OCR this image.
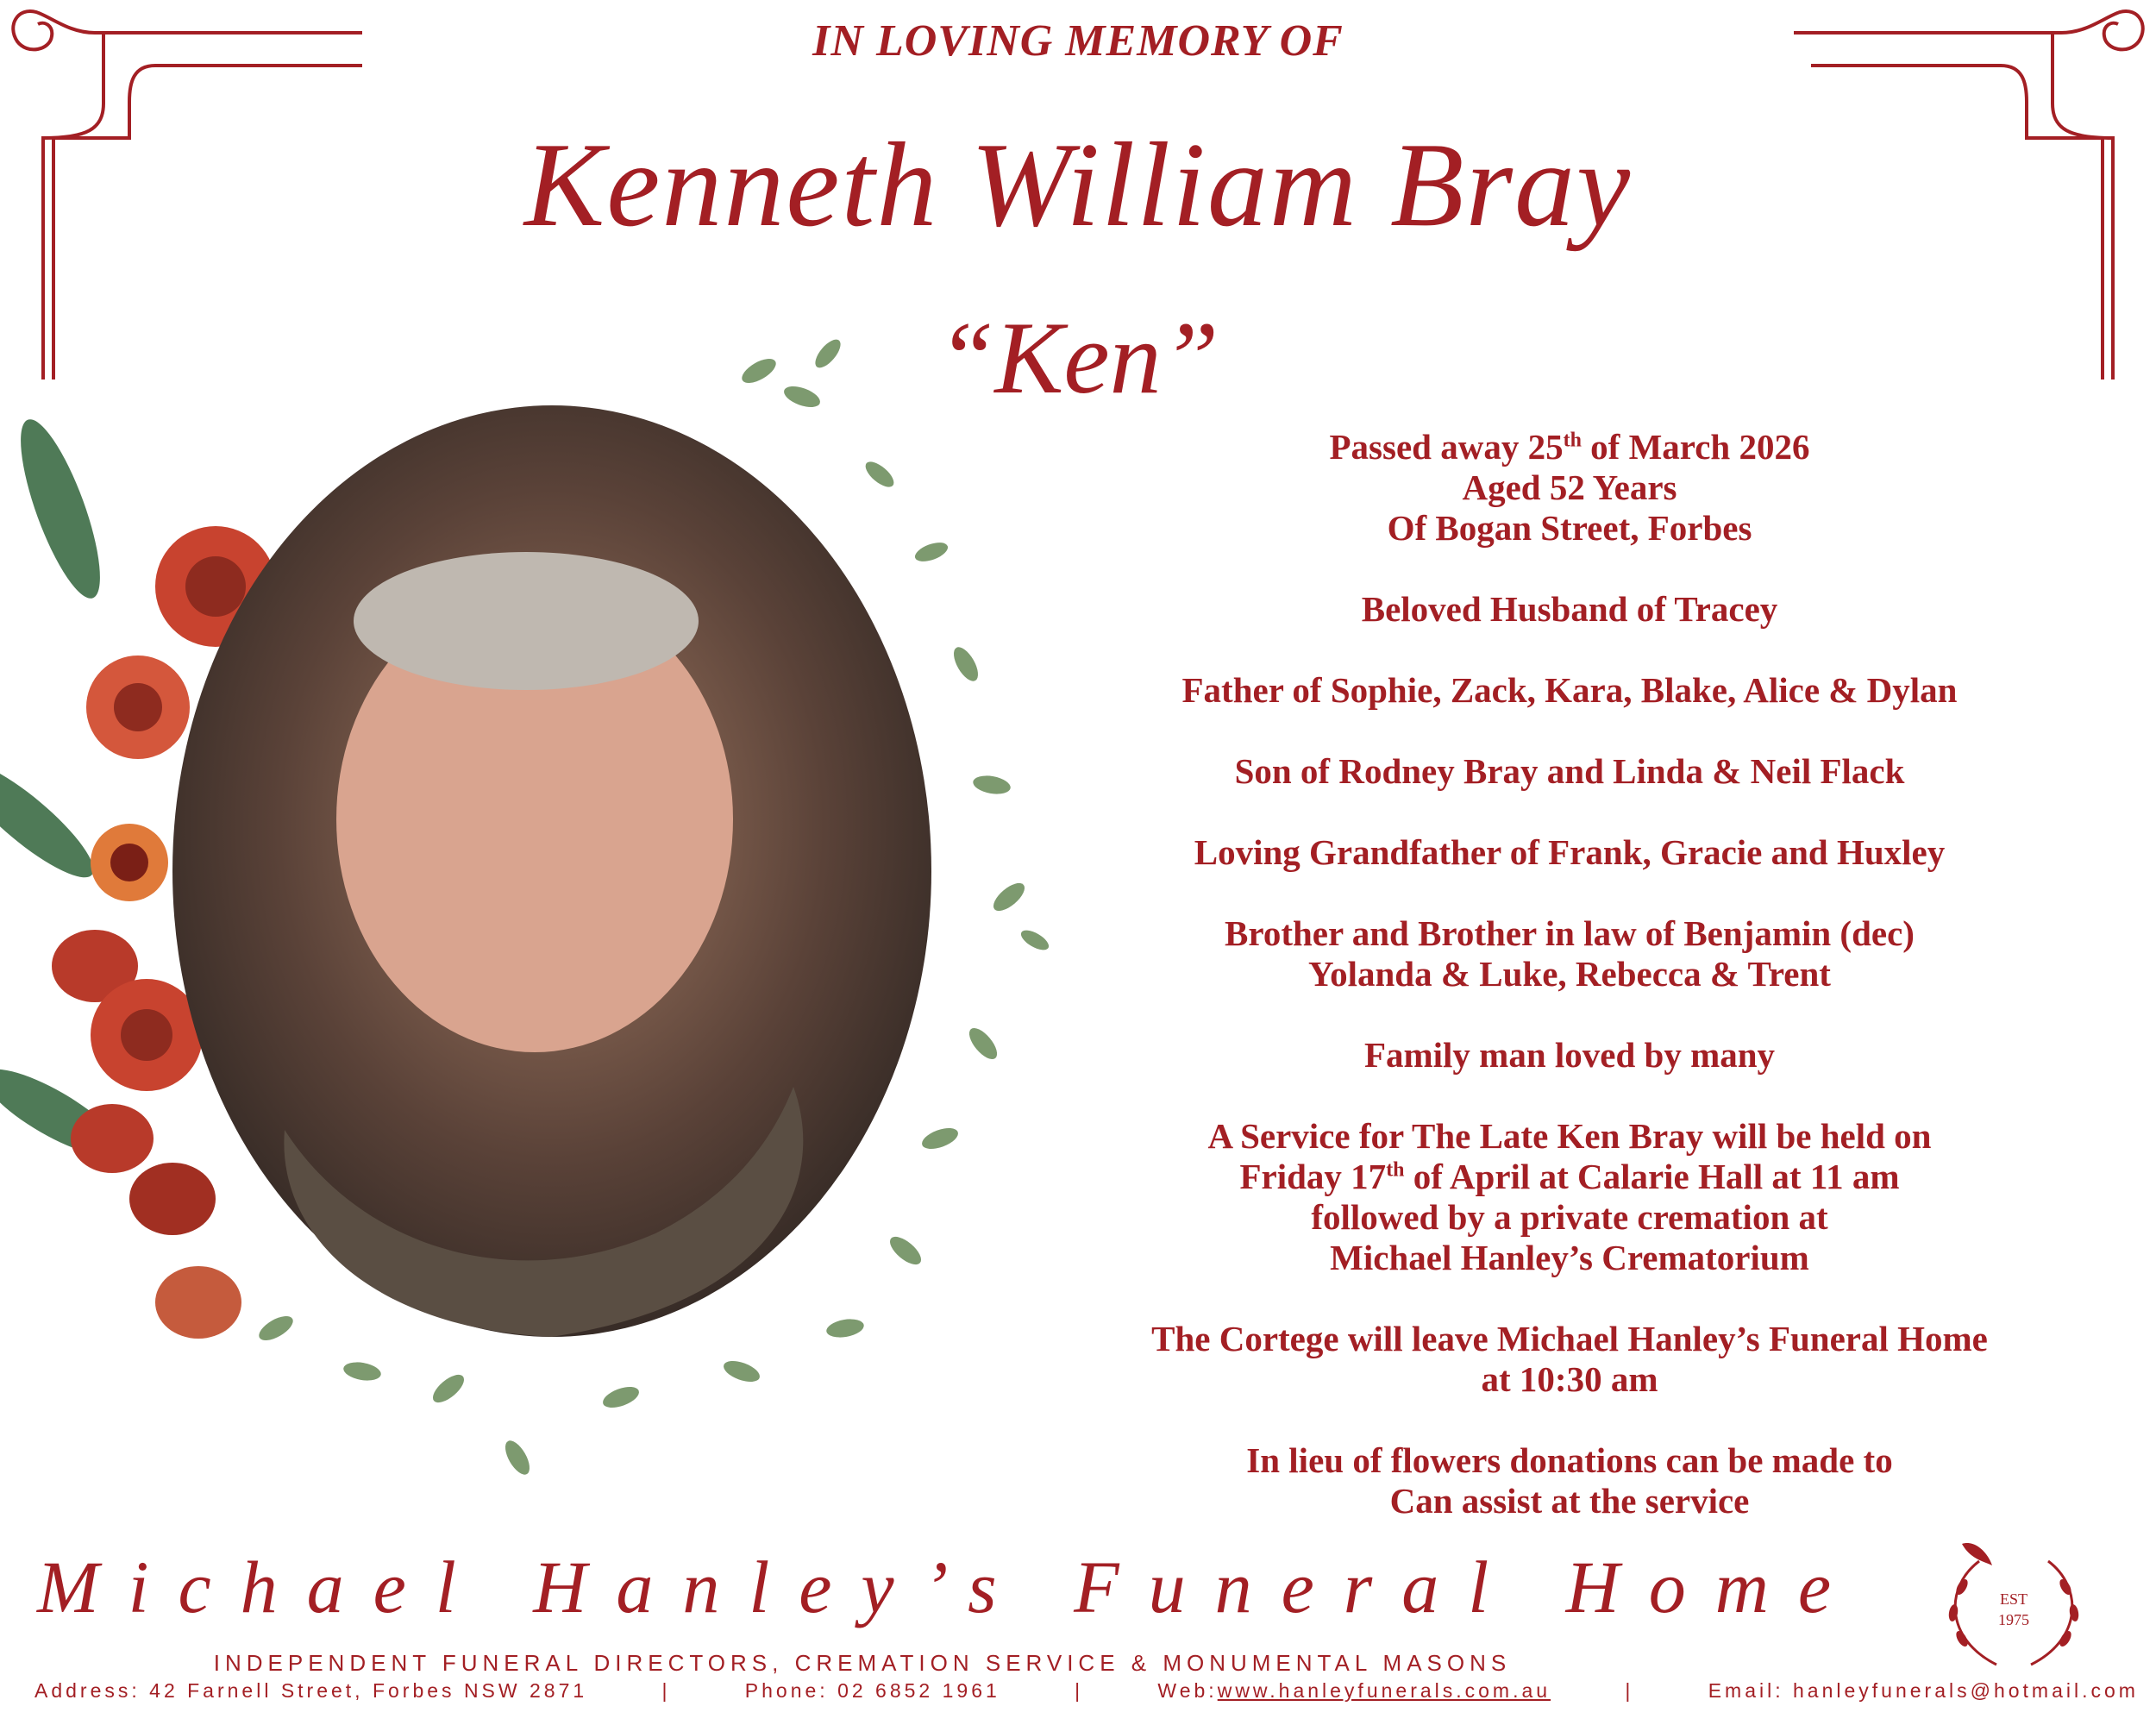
IN LOVING MEMORY OF
Kenneth William Bray
“Ken”

Passed away 25th of March 2026
Aged 52 Years
Of Bogan Street, Forbes

Beloved Husband of Tracey

Father of Sophie, Zack, Kara, Blake, Alice & Dylan

Son of Rodney Bray and Linda & Neil Flack

Loving Grandfather of Frank, Gracie and Huxley

Brother and Brother in law of Benjamin (dec)
Yolanda & Luke, Rebecca & Trent

Family man loved by many

A Service for The Late Ken Bray will be held on
Friday 17th of April at Calarie Hall at 11 am
followed by a private cremation at
Michael Hanley’s Crematorium

The Cortege will leave Michael Hanley’s Funeral Home
at 10:30 am

In lieu of flowers donations can be made to
Can assist at the service

Michael Hanley’s Funeral Home	EST
1975
INDEPENDENT FUNERAL DIRECTORS, CREMATION SERVICE & MONUMENTAL MASONS
Address: 42 Farnell Street, Forbes NSW 2871	|	Phone: 02 6852 1961	|	Web:www.hanleyfunerals.com.au	|	Email: hanleyfunerals@hotmail.com
